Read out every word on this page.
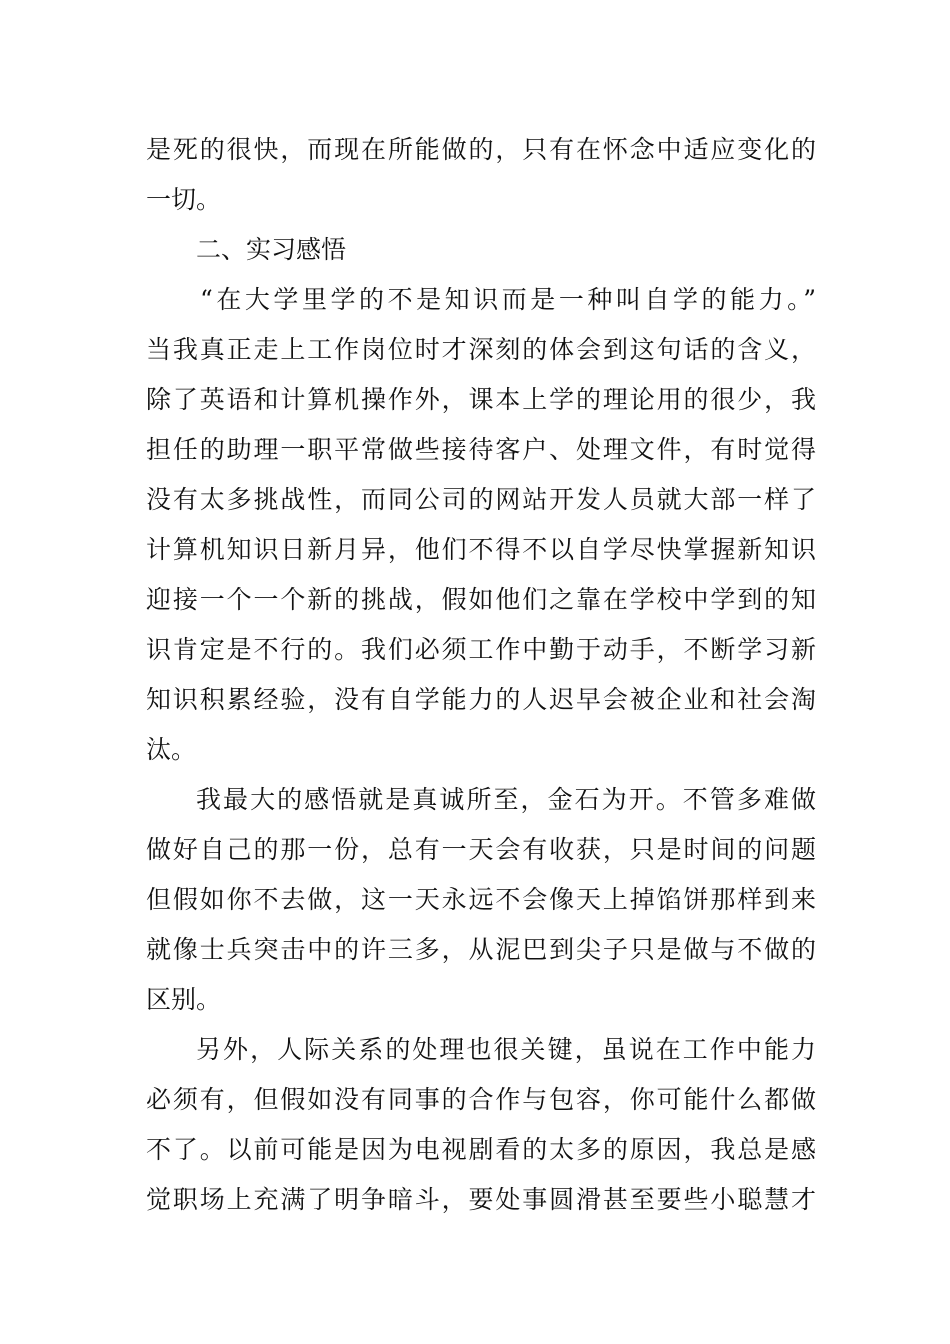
是死的很快，而现在所能做的，只有在怀念中适应变化的
一切。
二、实习感悟
“在大学里学的不是知识而是一种叫自学的能力。”
当我真正走上工作岗位时才深刻的体会到这句话的含义，
除了英语和计算机操作外，课本上学的理论用的很少，我
担任的助理一职平常做些接待客户、处理文件，有时觉得
没有太多挑战性，而同公司的网站开发人员就大部一样了
计算机知识日新月异，他们不得不以自学尽快掌握新知识
迎接一个一个新的挑战，假如他们之靠在学校中学到的知
识肯定是不行的。我们必须工作中勤于动手，不断学习新
知识积累经验，没有自学能力的人迟早会被企业和社会淘
汰。
我最大的感悟就是真诚所至，金石为开。不管多难做
做好自己的那一份，总有一天会有收获，只是时间的问题
但假如你不去做，这一天永远不会像天上掉馅饼那样到来
就像士兵突击中的许三多，从泥巴到尖子只是做与不做的
区别。
另外，人际关系的处理也很关键，虽说在工作中能力
必须有，但假如没有同事的合作与包容，你可能什么都做
不了。以前可能是因为电视剧看的太多的原因，我总是感
觉职场上充满了明争暗斗，要处事圆滑甚至要些小聪慧才
